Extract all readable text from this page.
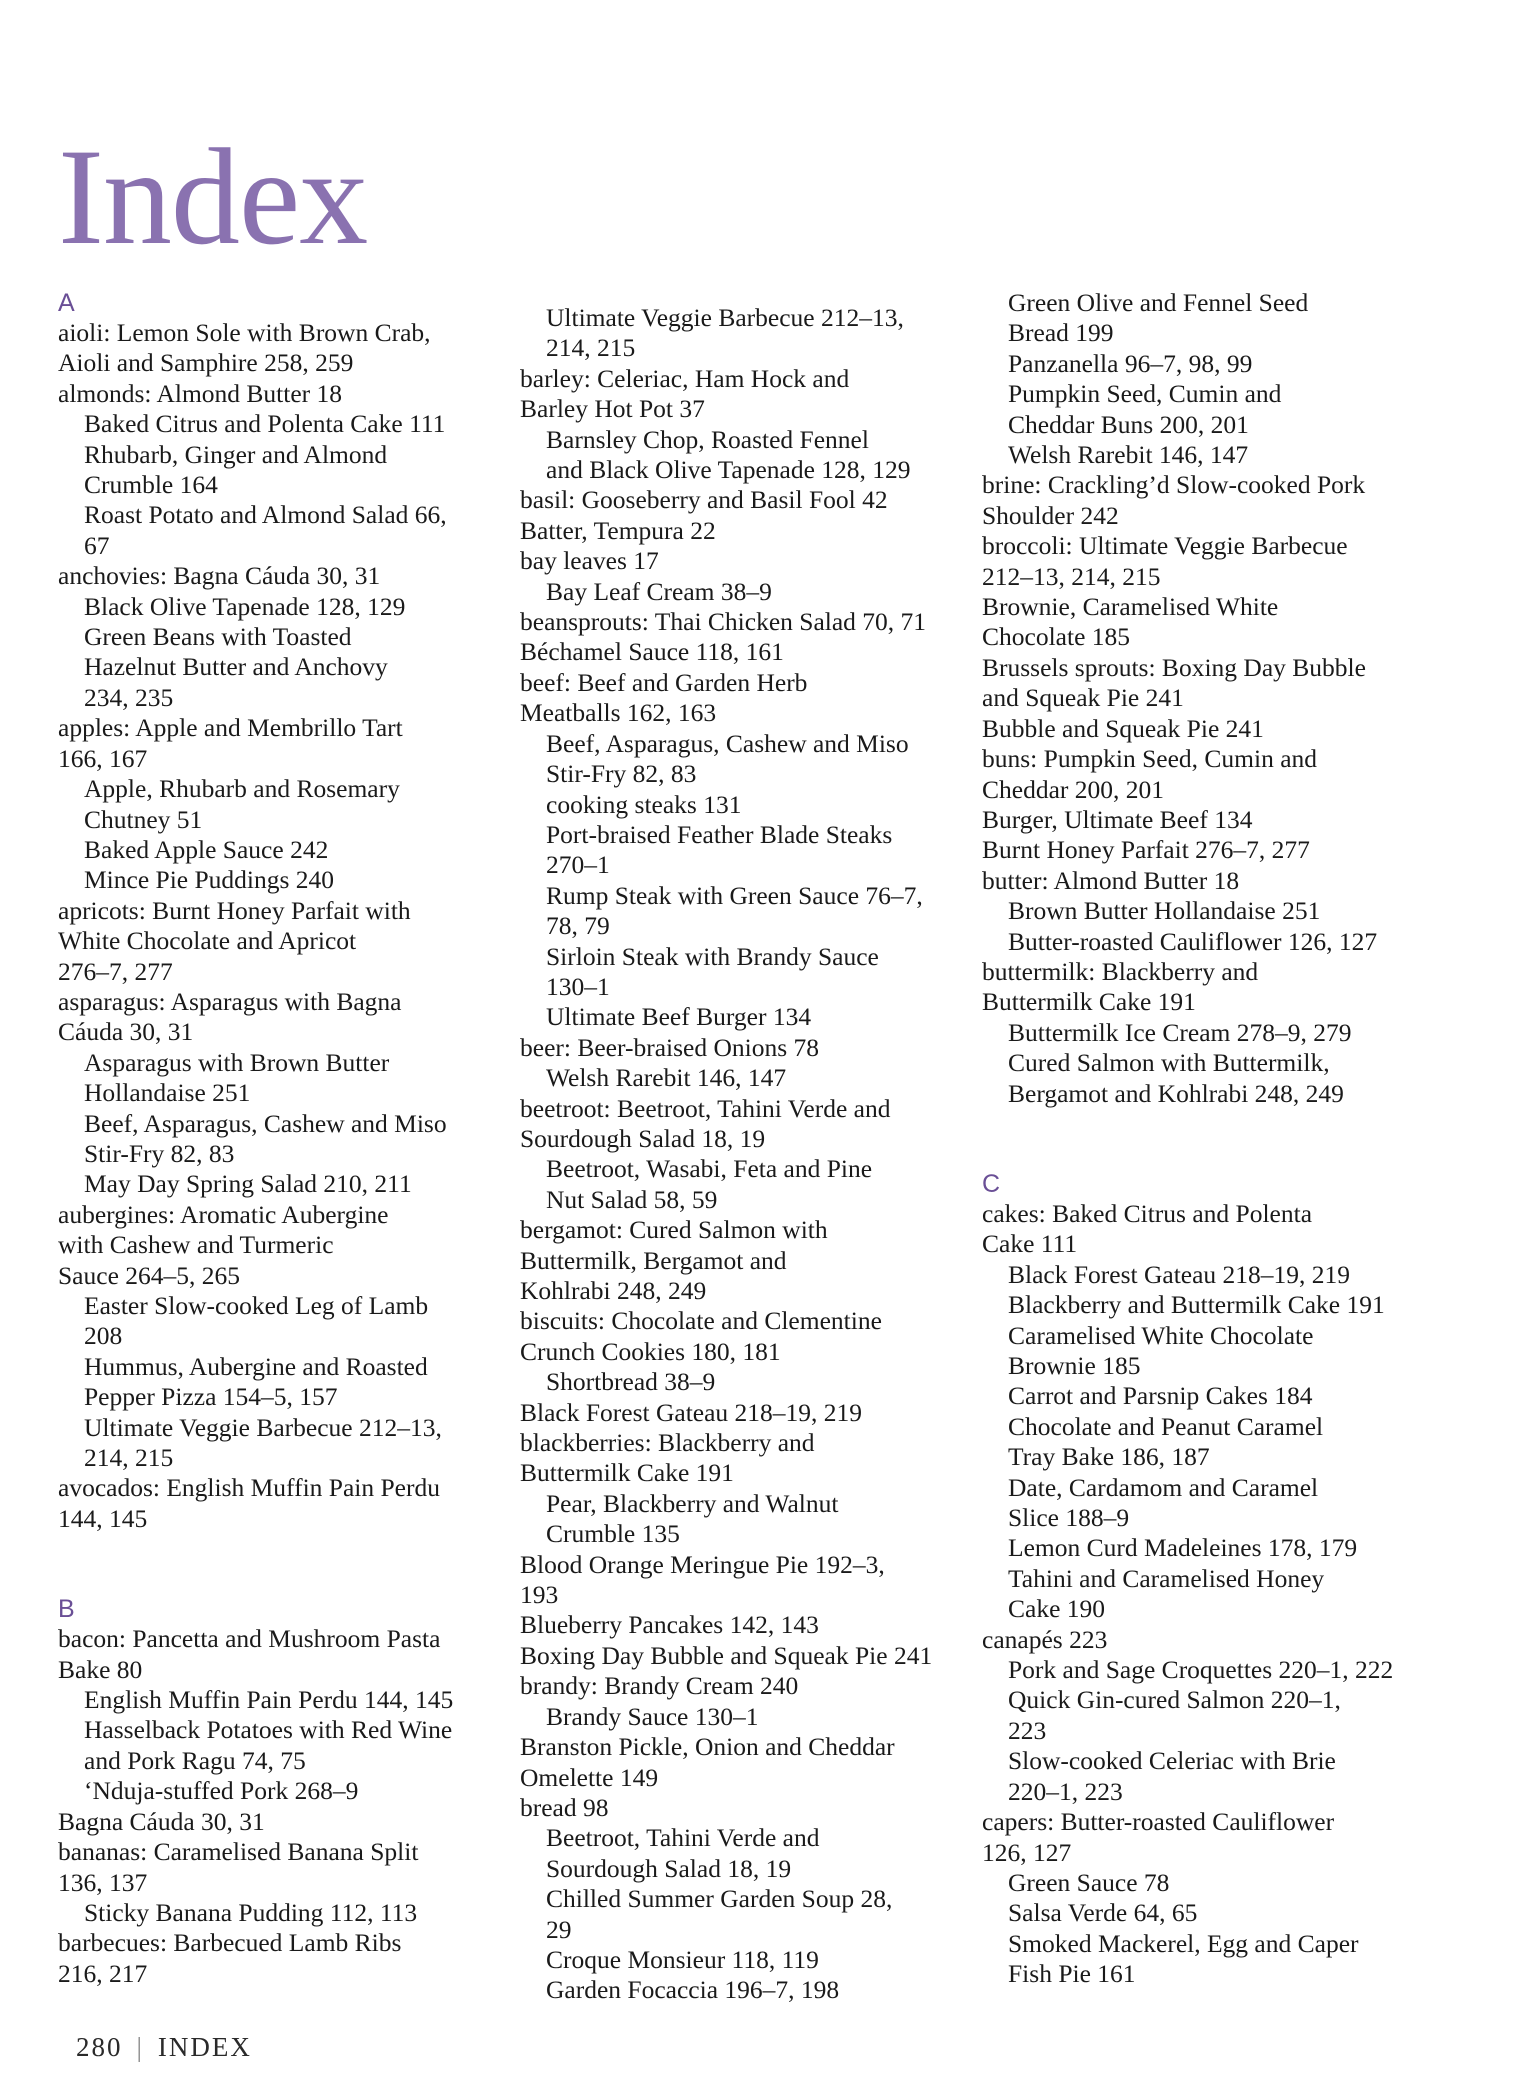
Index
A
aioli: Lemon Sole with Brown Crab,
Aioli and Samphire 258, 259
almonds: Almond Butter 18
Baked Citrus and Polenta Cake 111
Rhubarb, Ginger and Almond
Crumble 164
Roast Potato and Almond Salad 66,
67
anchovies: Bagna Cáuda 30, 31
Black Olive Tapenade 128, 129
Green Beans with Toasted
Hazelnut Butter and Anchovy
234, 235
apples: Apple and Membrillo Tart
166, 167
Apple, Rhubarb and Rosemary
Chutney 51
Baked Apple Sauce 242
Mince Pie Puddings 240
apricots: Burnt Honey Parfait with
White Chocolate and Apricot
276–7, 277
asparagus: Asparagus with Bagna
Cáuda 30, 31
Asparagus with Brown Butter
Hollandaise 251
Beef, Asparagus, Cashew and Miso
Stir-Fry 82, 83
May Day Spring Salad 210, 211
aubergines: Aromatic Aubergine
with Cashew and Turmeric
Sauce 264–5, 265
Easter Slow-cooked Leg of Lamb
208
Hummus, Aubergine and Roasted
Pepper Pizza 154–5, 157
Ultimate Veggie Barbecue 212–13,
214, 215
avocados: English Muffin Pain Perdu
144, 145
B
bacon: Pancetta and Mushroom Pasta
Bake 80
English Muffin Pain Perdu 144, 145
Hasselback Potatoes with Red Wine
and Pork Ragu 74, 75
‘Nduja-stuffed Pork 268–9
Bagna Cáuda 30, 31
bananas: Caramelised Banana Split
136, 137
Sticky Banana Pudding 112, 113
barbecues: Barbecued Lamb Ribs
216, 217
Ultimate Veggie Barbecue 212–13,
214, 215
barley: Celeriac, Ham Hock and
Barley Hot Pot 37
Barnsley Chop, Roasted Fennel
and Black Olive Tapenade 128, 129
basil: Gooseberry and Basil Fool 42
Batter, Tempura 22
bay leaves 17
Bay Leaf Cream 38–9
beansprouts: Thai Chicken Salad 70, 71
Béchamel Sauce 118, 161
beef: Beef and Garden Herb
Meatballs 162, 163
Beef, Asparagus, Cashew and Miso
Stir-Fry 82, 83
cooking steaks 131
Port-braised Feather Blade Steaks
270–1
Rump Steak with Green Sauce 76–7,
78, 79
Sirloin Steak with Brandy Sauce
130–1
Ultimate Beef Burger 134
beer: Beer-braised Onions 78
Welsh Rarebit 146, 147
beetroot: Beetroot, Tahini Verde and
Sourdough Salad 18, 19
Beetroot, Wasabi, Feta and Pine
Nut Salad 58, 59
bergamot: Cured Salmon with
Buttermilk, Bergamot and
Kohlrabi 248, 249
biscuits: Chocolate and Clementine
Crunch Cookies 180, 181
Shortbread 38–9
Black Forest Gateau 218–19, 219
blackberries: Blackberry and
Buttermilk Cake 191
Pear, Blackberry and Walnut
Crumble 135
Blood Orange Meringue Pie 192–3,
193
Blueberry Pancakes 142, 143
Boxing Day Bubble and Squeak Pie 241
brandy: Brandy Cream 240
Brandy Sauce 130–1
Branston Pickle, Onion and Cheddar
Omelette 149
bread 98
Beetroot, Tahini Verde and
Sourdough Salad 18, 19
Chilled Summer Garden Soup 28,
29
Croque Monsieur 118, 119
Garden Focaccia 196–7, 198
Green Olive and Fennel Seed
Bread 199
Panzanella 96–7, 98, 99
Pumpkin Seed, Cumin and
Cheddar Buns 200, 201
Welsh Rarebit 146, 147
brine: Crackling’d Slow-cooked Pork
Shoulder 242
broccoli: Ultimate Veggie Barbecue
212–13, 214, 215
Brownie, Caramelised White
Chocolate 185
Brussels sprouts: Boxing Day Bubble
and Squeak Pie 241
Bubble and Squeak Pie 241
buns: Pumpkin Seed, Cumin and
Cheddar 200, 201
Burger, Ultimate Beef 134
Burnt Honey Parfait 276–7, 277
butter: Almond Butter 18
Brown Butter Hollandaise 251
Butter-roasted Cauliflower 126, 127
buttermilk: Blackberry and
Buttermilk Cake 191
Buttermilk Ice Cream 278–9, 279
Cured Salmon with Buttermilk,
Bergamot and Kohlrabi 248, 249
C
cakes: Baked Citrus and Polenta
Cake 111
Black Forest Gateau 218–19, 219
Blackberry and Buttermilk Cake 191
Caramelised White Chocolate
Brownie 185
Carrot and Parsnip Cakes 184
Chocolate and Peanut Caramel
Tray Bake 186, 187
Date, Cardamom and Caramel
Slice 188–9
Lemon Curd Madeleines 178, 179
Tahini and Caramelised Honey
Cake 190
canapés 223
Pork and Sage Croquettes 220–1, 222
Quick Gin-cured Salmon 220–1,
223
Slow-cooked Celeriac with Brie
220–1, 223
capers: Butter-roasted Cauliflower
126, 127
Green Sauce 78
Salsa Verde 64, 65
Smoked Mackerel, Egg and Caper
Fish Pie 161
280 | INDEX
